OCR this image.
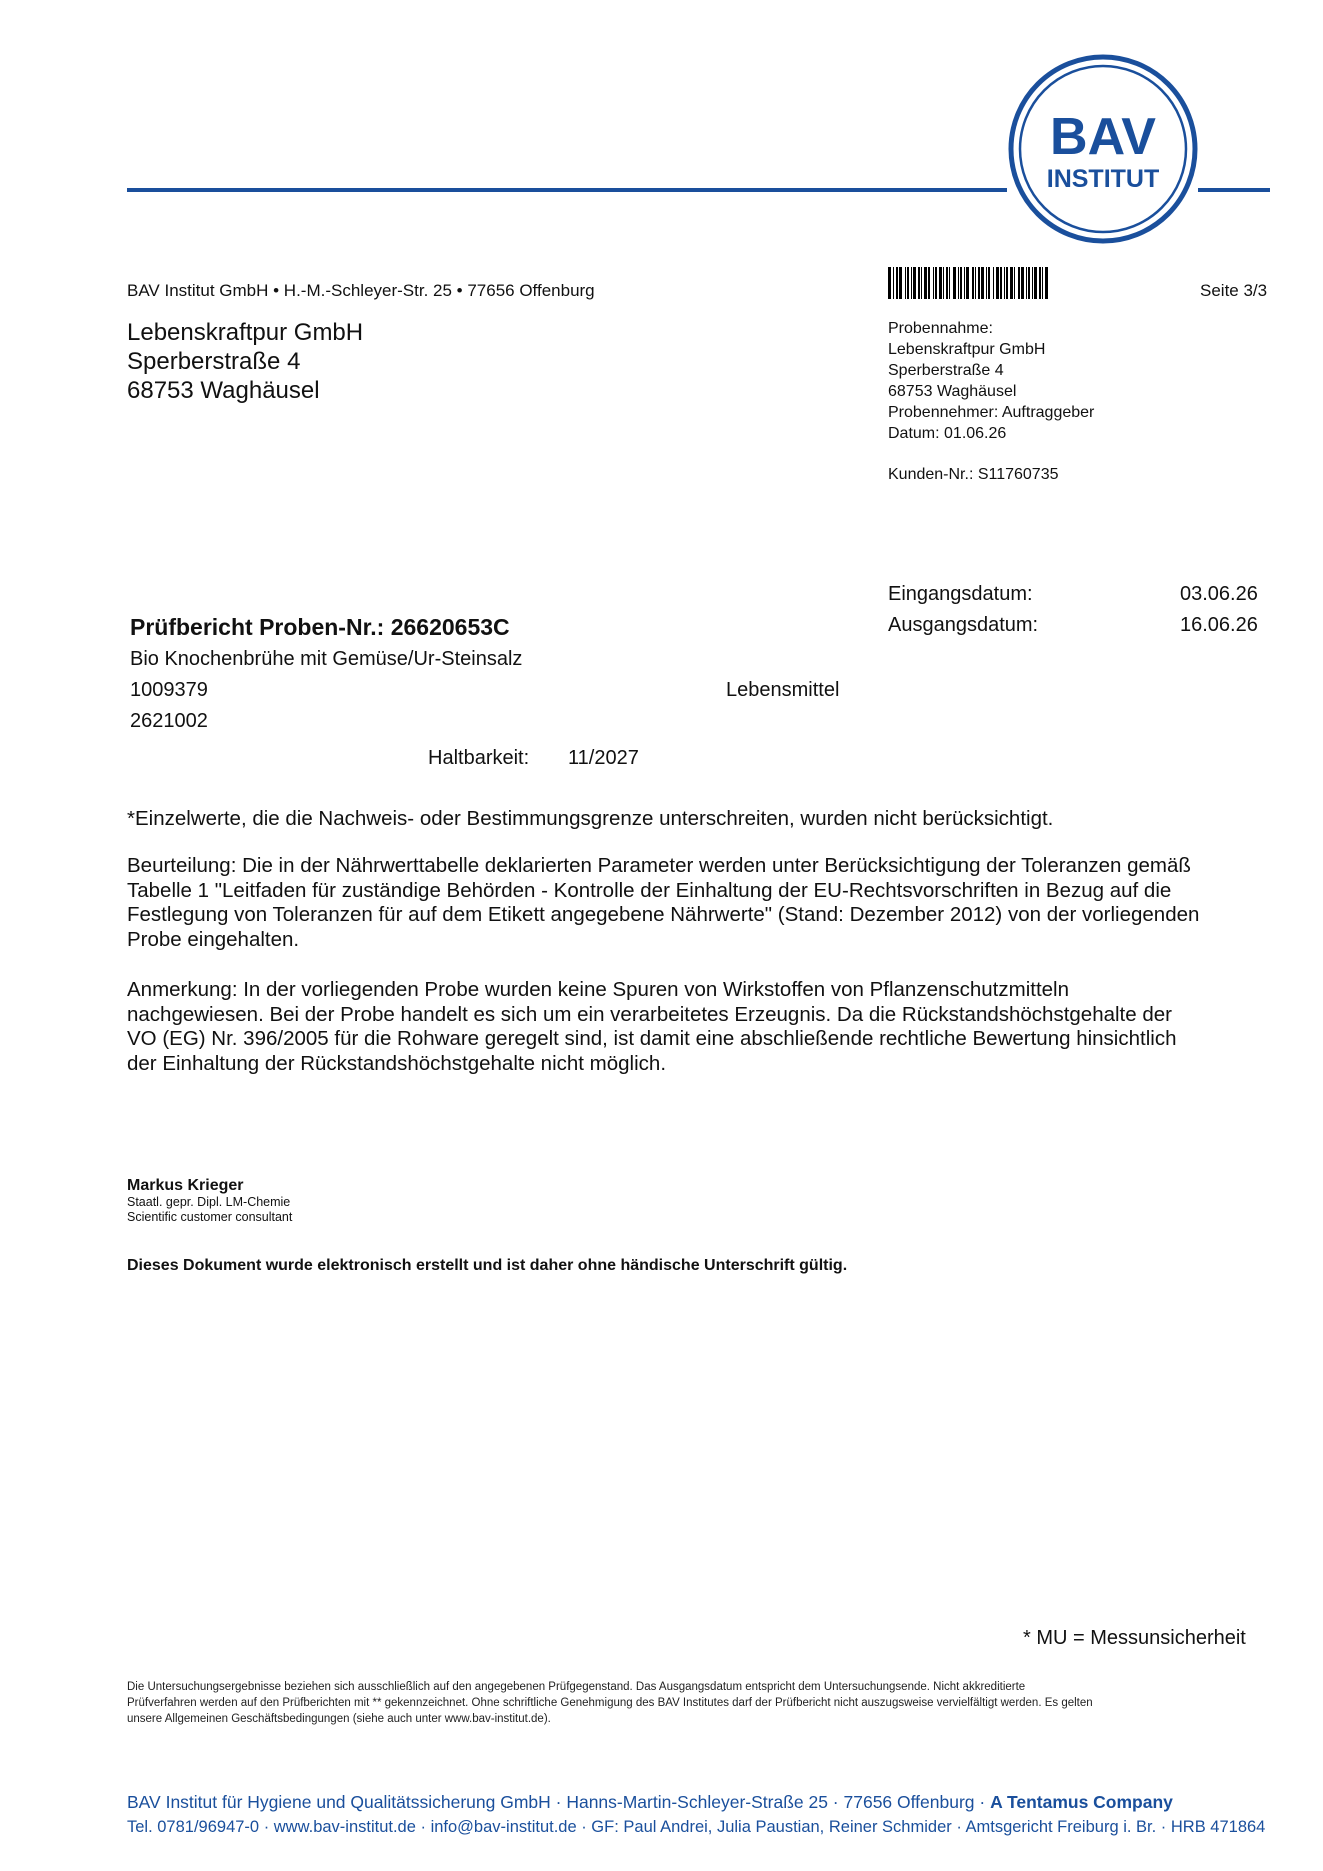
BAV
INSTITUT
BAV Institut GmbH • H.-M.-Schleyer-Str. 25 • 77656 Offenburg	Seite 3/3
Lebenskraftpur GmbH
Sperberstraße 4
68753 Waghäusel
Probennahme:
Lebenskraftpur GmbH
Sperberstraße 4
68753 Waghäusel
Probennehmer: Auftraggeber
Datum: 01.06.26
Kunden-Nr.: S11760735
Eingangsdatum:	03.06.26
Ausgangsdatum:	16.06.26
Prüfbericht Proben-Nr.: 26620653C
Bio Knochenbrühe mit Gemüse/Ur-Steinsalz
1009379	Lebensmittel
2621002
Haltbarkeit: 11/2027
*Einzelwerte, die die Nachweis- oder Bestimmungsgrenze unterschreiten, wurden nicht berücksichtigt.
Beurteilung: Die in der Nährwerttabelle deklarierten Parameter werden unter Berücksichtigung der Toleranzen gemäß
Tabelle 1 "Leitfaden für zuständige Behörden - Kontrolle der Einhaltung der EU-Rechtsvorschriften in Bezug auf die
Festlegung von Toleranzen für auf dem Etikett angegebene Nährwerte" (Stand: Dezember 2012) von der vorliegenden
Probe eingehalten.
Anmerkung: In der vorliegenden Probe wurden keine Spuren von Wirkstoffen von Pflanzenschutzmitteln
nachgewiesen. Bei der Probe handelt es sich um ein verarbeitetes Erzeugnis. Da die Rückstandshöchstgehalte der
VO (EG) Nr. 396/2005 für die Rohware geregelt sind, ist damit eine abschließende rechtliche Bewertung hinsichtlich
der Einhaltung der Rückstandshöchstgehalte nicht möglich.
Markus Krieger
Staatl. gepr. Dipl. LM-Chemie
Scientific customer consultant
Dieses Dokument wurde elektronisch erstellt und ist daher ohne händische Unterschrift gültig.
* MU = Messunsicherheit
Die Untersuchungsergebnisse beziehen sich ausschließlich auf den angegebenen Prüfgegenstand. Das Ausgangsdatum entspricht dem Untersuchungsende. Nicht akkreditierte
Prüfverfahren werden auf den Prüfberichten mit ** gekennzeichnet. Ohne schriftliche Genehmigung des BAV Institutes darf der Prüfbericht nicht auszugsweise vervielfältigt werden. Es gelten
unsere Allgemeinen Geschäftsbedingungen (siehe auch unter www.bav-institut.de).
BAV Institut für Hygiene und Qualitätssicherung GmbH · Hanns-Martin-Schleyer-Straße 25 · 77656 Offenburg · A Tentamus Company
Tel. 0781/96947-0 · www.bav-institut.de · info@bav-institut.de · GF: Paul Andrei, Julia Paustian, Reiner Schmider · Amtsgericht Freiburg i. Br. · HRB 471864
